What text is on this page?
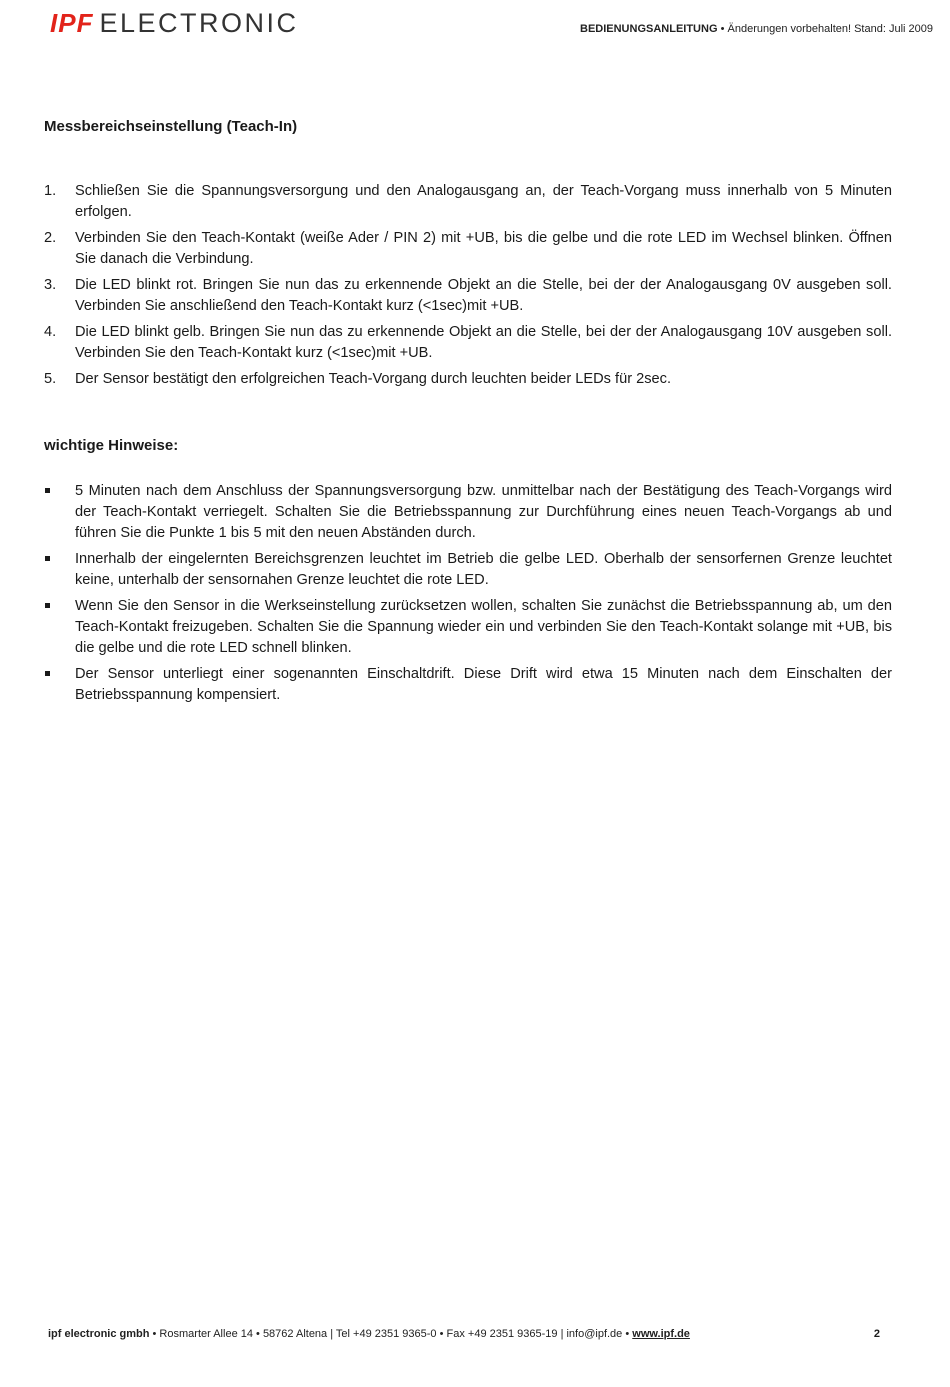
IPF ELECTRONIC	BEDIENUNGSANLEITUNG • Änderungen vorbehalten! Stand: Juli 2009
Messbereichseinstellung (Teach-In)
1. Schließen Sie die Spannungsversorgung und den Analogausgang an, der Teach-Vorgang muss innerhalb von 5 Minuten erfolgen.
2. Verbinden Sie den Teach-Kontakt (weiße Ader / PIN 2) mit +UB, bis die gelbe und die rote LED im Wechsel blinken. Öffnen Sie danach die Verbindung.
3. Die LED blinkt rot. Bringen Sie nun das zu erkennende Objekt an die Stelle, bei der der Analogausgang 0V ausgeben soll. Verbinden Sie anschließend den Teach-Kontakt kurz (<1sec)mit +UB.
4. Die LED blinkt gelb. Bringen Sie nun das zu erkennende Objekt an die Stelle, bei der der Analogausgang 10V ausgeben soll. Verbinden Sie den Teach-Kontakt kurz (<1sec)mit +UB.
5. Der Sensor bestätigt den erfolgreichen Teach-Vorgang durch leuchten beider LEDs für 2sec.
wichtige Hinweise:
5 Minuten nach dem Anschluss der Spannungsversorgung bzw. unmittelbar nach der Bestätigung des Teach-Vorgangs wird der Teach-Kontakt verriegelt. Schalten Sie die Betriebsspannung zur Durchführung eines neuen Teach-Vorgangs ab und führen Sie die Punkte 1 bis 5 mit den neuen Abständen durch.
Innerhalb der eingelernten Bereichsgrenzen leuchtet im Betrieb die gelbe LED. Oberhalb der sensorfernen Grenze leuchtet keine, unterhalb der sensornahen Grenze leuchtet die rote LED.
Wenn Sie den Sensor in die Werkseinstellung zurücksetzen wollen, schalten Sie zunächst die Betriebsspannung ab, um den Teach-Kontakt freizugeben. Schalten Sie die Spannung wieder ein und verbinden Sie den Teach-Kontakt solange mit +UB, bis die gelbe und die rote LED schnell blinken.
Der Sensor unterliegt einer sogenannten Einschaltdrift. Diese Drift wird etwa 15 Minuten nach dem Einschalten der Betriebsspannung kompensiert.
ipf electronic gmbh • Rosmarter Allee 14 • 58762 Altena | Tel +49 2351 9365-0 • Fax +49 2351 9365-19 | info@ipf.de • www.ipf.de	2
